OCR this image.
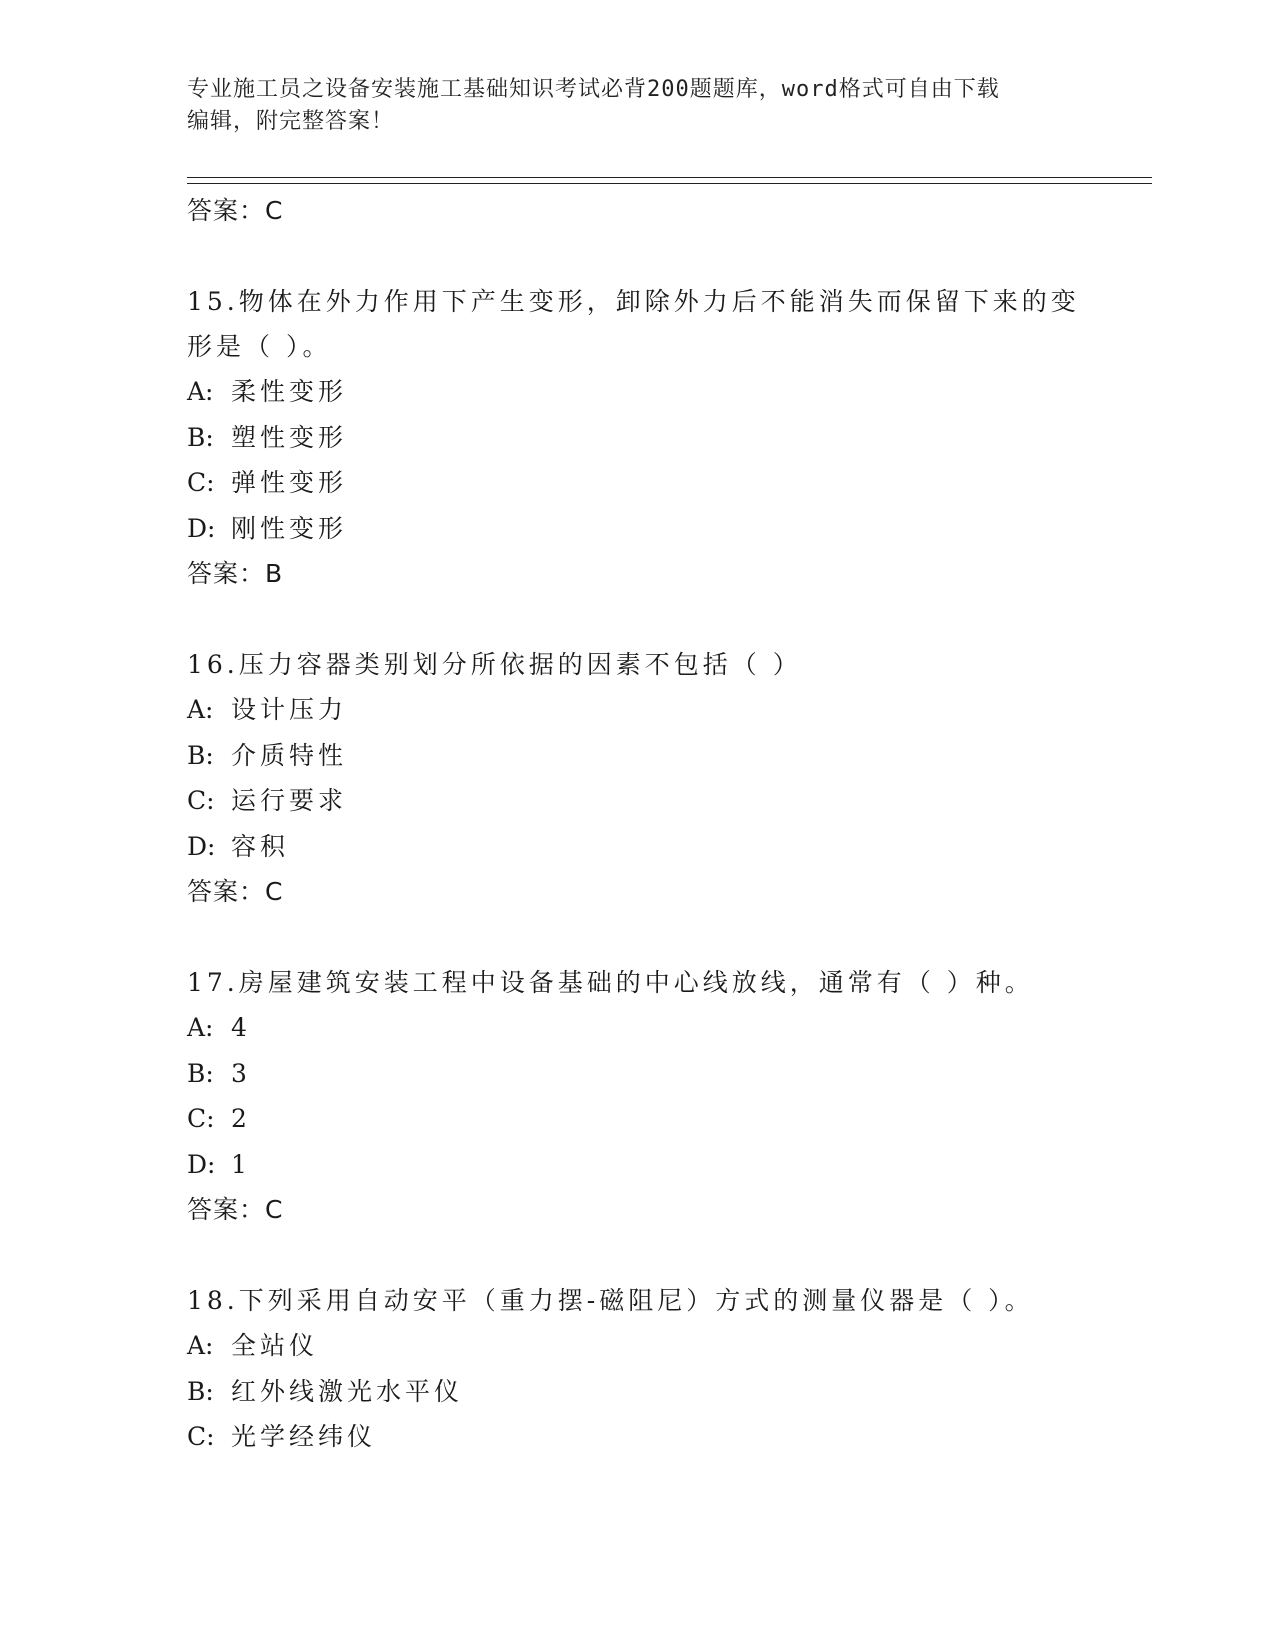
专业施工员之设备安装施工基础知识考试必背200题题库，word格式可自由下载
编辑，附完整答案！
答案：C
15.物体在外力作用下产生变形，卸除外力后不能消失而保留下来的变
形是（ ）。
A: 柔性变形
B: 塑性变形
C: 弹性变形
D: 刚性变形
答案：B
16.压力容器类别划分所依据的因素不包括（ ）
A: 设计压力
B: 介质特性
C: 运行要求
D: 容积
答案：C
17.房屋建筑安装工程中设备基础的中心线放线，通常有（ ）种。
A: 4
B: 3
C: 2
D: 1
答案：C
18.下列采用自动安平（重力摆-磁阻尼）方式的测量仪器是（ ）。
A: 全站仪
B: 红外线激光水平仪
C: 光学经纬仪
